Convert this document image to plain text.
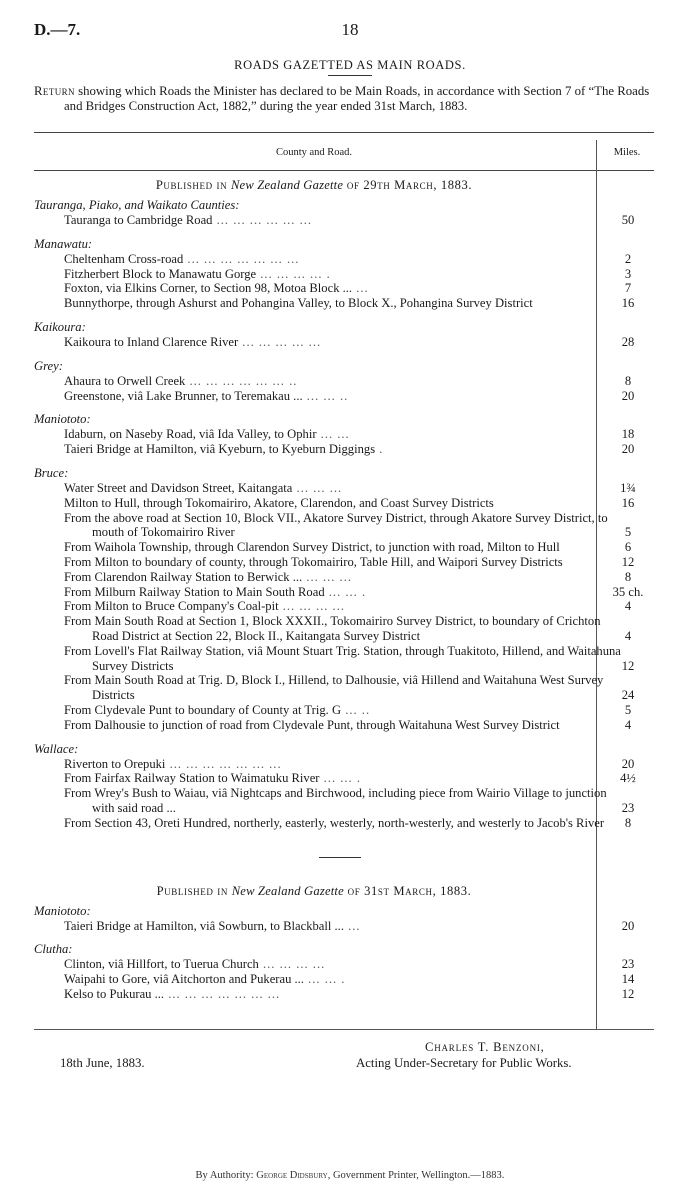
D.—7.	18
ROADS GAZETTED AS MAIN ROADS.

Return showing which Roads the Minister has declared to be Main Roads, in accordance with Section 7 of “The Roads and Bridges Construction Act, 1882,” during the year ended 31st March, 1883.

County and Road.	Miles.
Published in New Zealand Gazette of 29th March, 1883.
Tauranga, Piako, and Waikato Caunties:
Tauranga to Cambridge Road ... ... ... ... ... ...	50
Manawatu:
Cheltenham Cross-road ... ... ... ... ... ... ...	2
Fitzherbert Block to Manawatu Gorge ... ... ... ... .	3
Foxton, via Elkins Corner, to Section 98, Motoa Block ... ...	7
Bunnythorpe, through Ashurst and Pohangina Valley, to Block X., Pohangina Survey District	16
Kaikoura:
Kaikoura to Inland Clarence River ... ... ... ... ...	28
Grey:
Ahaura to Orwell Creek ... ... ... ... ... ... ..	8
Greenstone, viâ Lake Brunner, to Teremakau ... ... ... ..	20
Maniototo:
Idaburn, on Naseby Road, viâ Ida Valley, to Ophir ... ...	18
Taieri Bridge at Hamilton, viâ Kyeburn, to Kyeburn Diggings .	20
Bruce:
Water Street and Davidson Street, Kaitangata ... ... ...	1¾
Milton to Hull, through Tokomairiro, Akatore, Clarendon, and Coast Survey Districts	16
From the above road at Section 10, Block VII., Akatore Survey District, through Akatore Survey District, to mouth of Tokomairiro River	5
From Waihola Township, through Clarendon Survey District, to junction with road, Milton to Hull	6
From Milton to boundary of county, through Tokomairiro, Table Hill, and Waipori Survey Districts	12
From Clarendon Railway Station to Berwick ... ... ... ...	8
From Milburn Railway Station to Main South Road ... ... .	35 ch.
From Milton to Bruce Company's Coal-pit ... ... ... ...	4
From Main South Road at Section 1, Block XXXII., Tokomairiro Survey District, to boundary of Crichton Road District at Section 22, Block II., Kaitangata Survey District	4
From Lovell's Flat Railway Station, viâ Mount Stuart Trig. Station, through Tuakitoto, Hillend, and Waitahuna Survey Districts	12
From Main South Road at Trig. D, Block I., Hillend, to Dalhousie, viâ Hillend and Waitahuna West Survey Districts	24
From Clydevale Punt to boundary of County at Trig. G ... ..	5
From Dalhousie to junction of road from Clydevale Punt, through Waitahuna West Survey District	4
Wallace:
Riverton to Orepuki ... ... ... ... ... ... ...	20
From Fairfax Railway Station to Waimatuku River ... ... .	4½
From Wrey's Bush to Waiau, viâ Nightcaps and Birchwood, including piece from Wairio Village to junction with said road ...	23
From Section 43, Oreti Hundred, northerly, easterly, westerly, north-westerly, and westerly to Jacob's River	8
Published in New Zealand Gazette of 31st March, 1883.
Maniototo:
Taieri Bridge at Hamilton, viâ Sowburn, to Blackball ... ...	20
Clutha:
Clinton, viâ Hillfort, to Tuerua Church ... ... ... ...	23
Waipahi to Gore, viâ Aitchorton and Pukerau ... ... ... .	14
Kelso to Pukurau ... ... ... ... ... ... ... ...	12
Charles T. Benzoni,
Acting Under-Secretary for Public Works.
18th June, 1883.
By Authority: George Didsbury, Government Printer, Wellington.—1883.
